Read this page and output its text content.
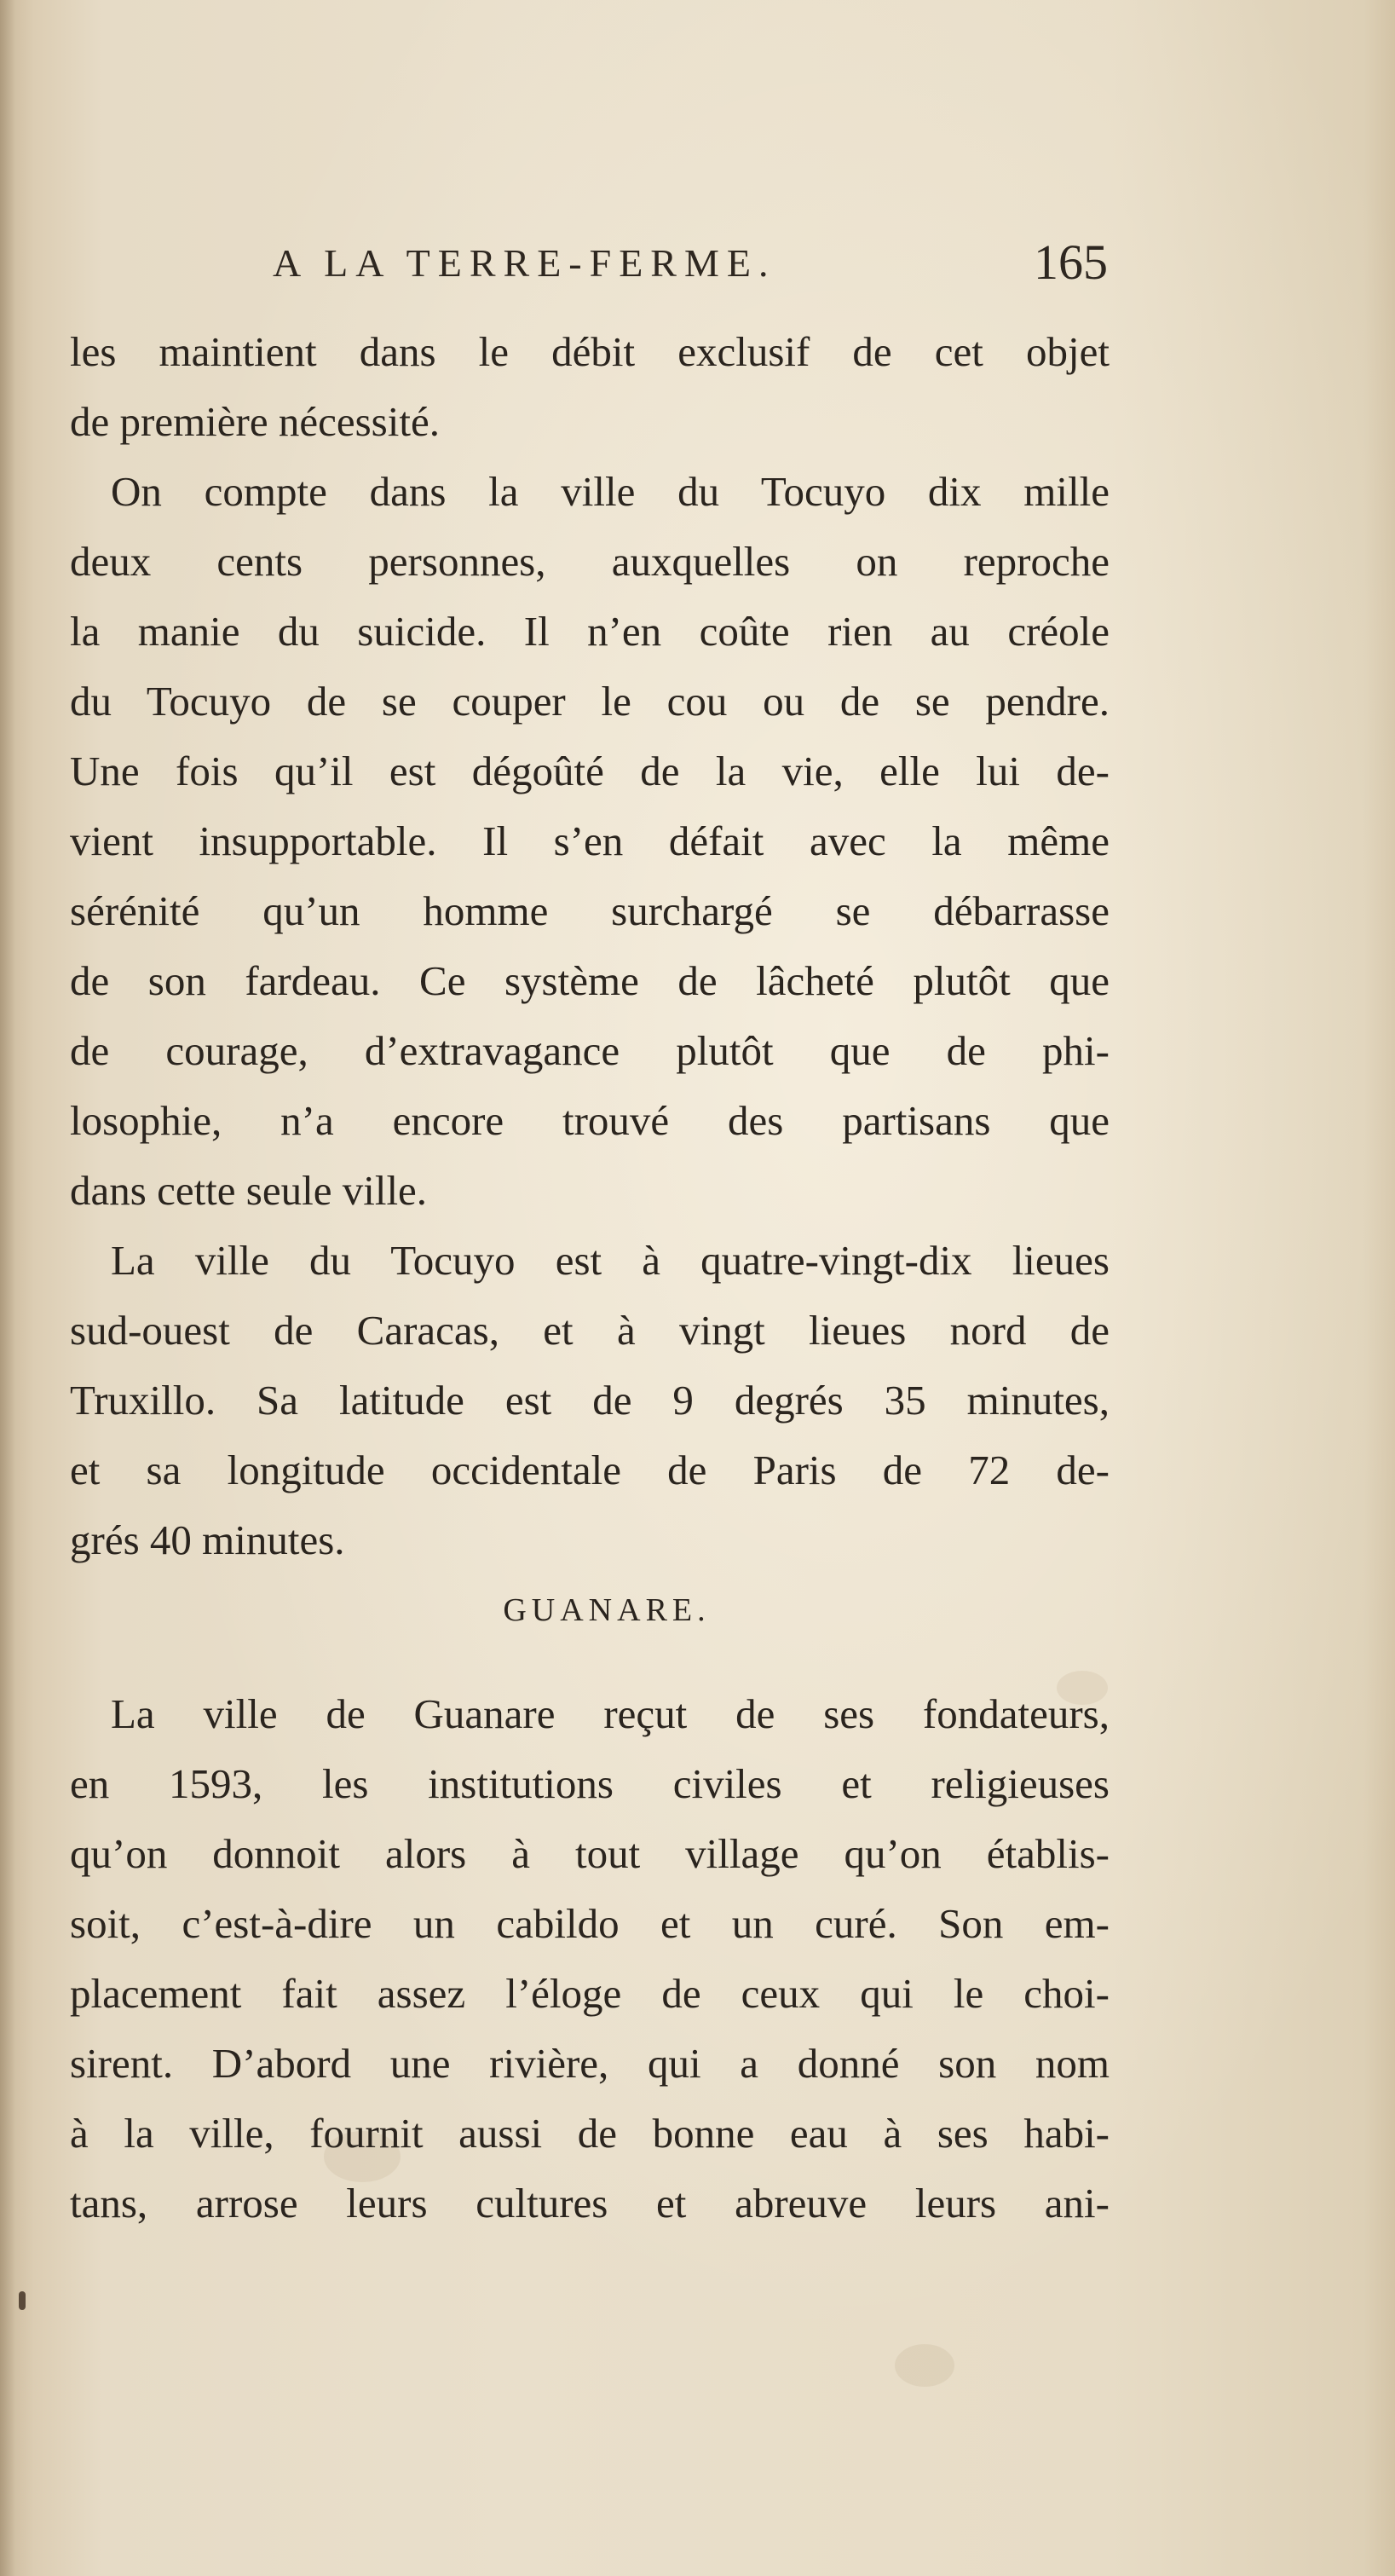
A LA TERRE-FERME.	165
les maintient dans le débit exclusif de cet objet
de première nécessité.
On compte dans la ville du Tocuyo dix mille
deux cents personnes, auxquelles on reproche
la manie du suicide. Il n’en coûte rien au créole
du Tocuyo de se couper le cou ou de se pendre.
Une fois qu’il est dégoûté de la vie, elle lui de-
vient insupportable. Il s’en défait avec la même
sérénité qu’un homme surchargé se débarrasse
de son fardeau. Ce système de lâcheté plutôt que
de courage, d’extravagance plutôt que de phi-
losophie, n’a encore trouvé des partisans que
dans cette seule ville.
La ville du Tocuyo est à quatre-vingt-dix lieues
sud-ouest de Caracas, et à vingt lieues nord de
Truxillo. Sa latitude est de 9 degrés 35 minutes,
et sa longitude occidentale de Paris de 72 de-
grés 40 minutes.
GUANARE.
La ville de Guanare reçut de ses fondateurs,
en 1593, les institutions civiles et religieuses
qu’on donnoit alors à tout village qu’on établis-
soit, c’est-à-dire un cabildo et un curé. Son em-
placement fait assez l’éloge de ceux qui le choi-
sirent. D’abord une rivière, qui a donné son nom
à la ville, fournit aussi de bonne eau à ses habi-
tans, arrose leurs cultures et abreuve leurs ani-
